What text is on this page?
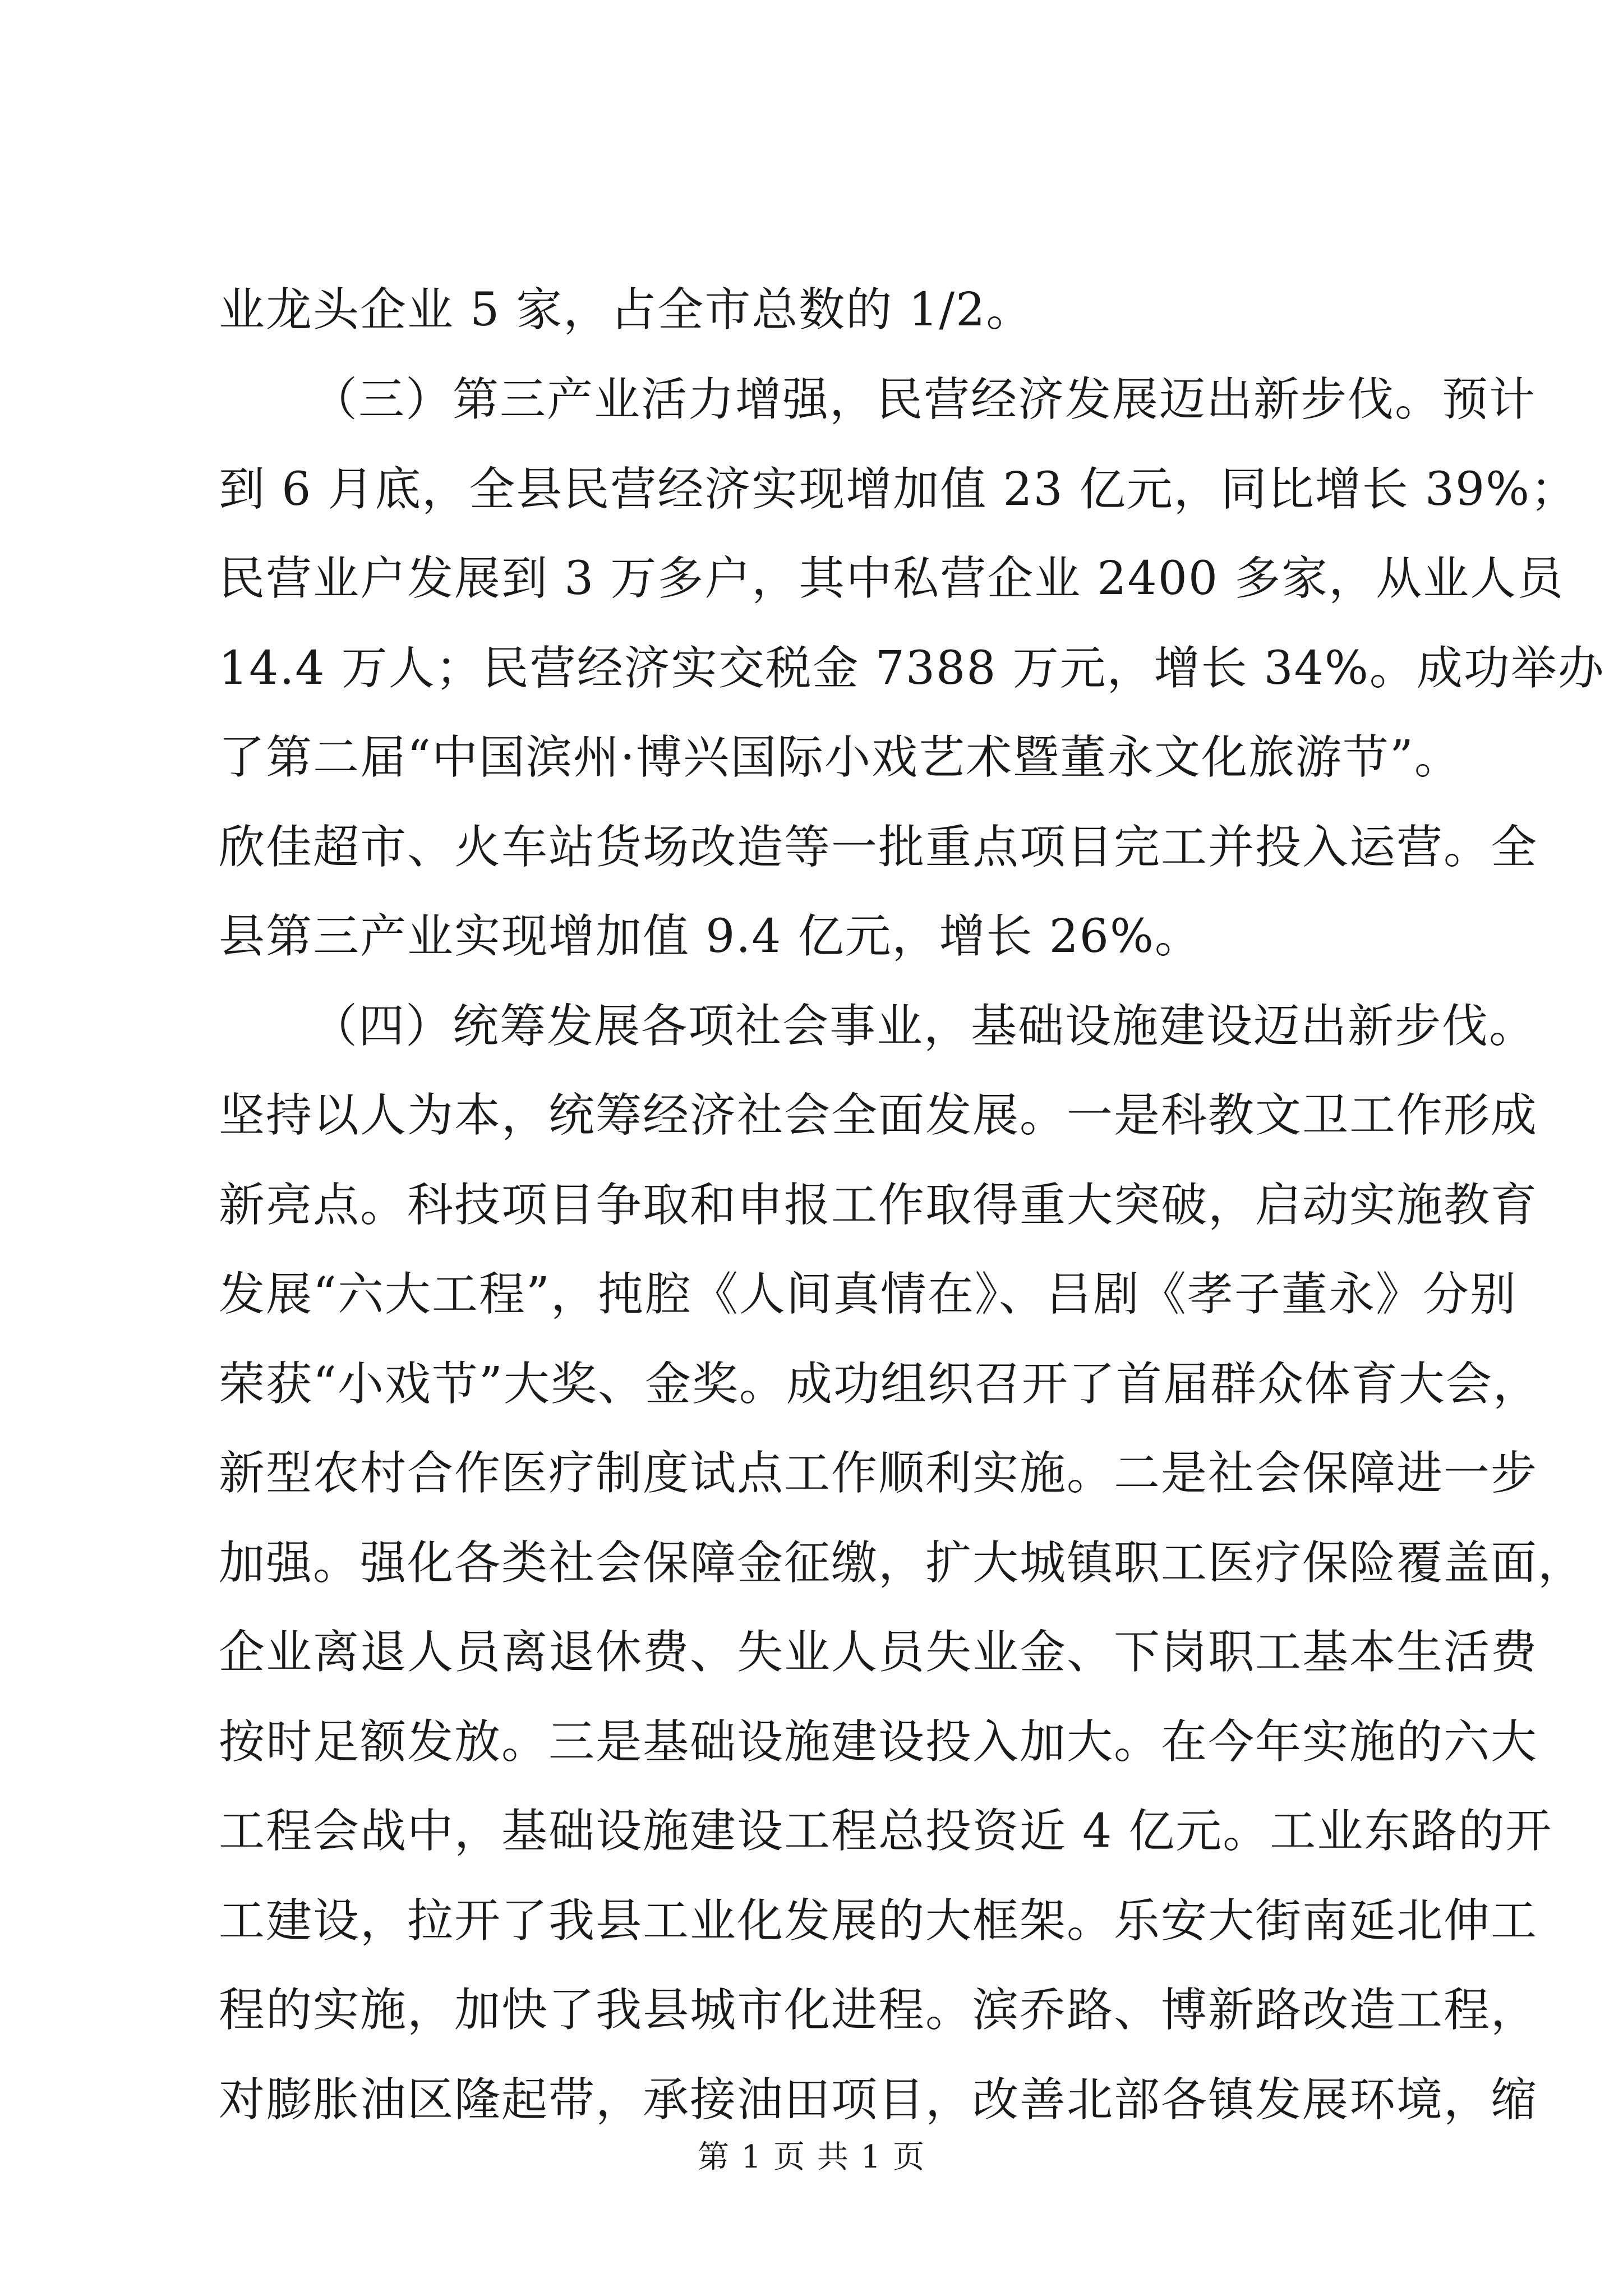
业龙头企业 5 家，占全市总数的 1/2。
（三）第三产业活力增强，民营经济发展迈出新步伐。预计
到 6 月底，全县民营经济实现增加值 23 亿元，同比增长 39%；
民营业户发展到 3 万多户，其中私营企业 2400 多家，从业人员
14.4 万人；民营经济实交税金 7388 万元，增长 34%。成功举办
了第二届“中国滨州·博兴国际小戏艺术暨董永文化旅游节”。
欣佳超市、火车站货场改造等一批重点项目完工并投入运营。全
县第三产业实现增加值 9.4 亿元，增长 26%。
（四）统筹发展各项社会事业，基础设施建设迈出新步伐。
坚持以人为本，统筹经济社会全面发展。一是科教文卫工作形成
新亮点。科技项目争取和申报工作取得重大突破，启动实施教育
发展“六大工程”，扽腔《人间真情在》、吕剧《孝子董永》分别
荣获“小戏节”大奖、金奖。成功组织召开了首届群众体育大会，
新型农村合作医疗制度试点工作顺利实施。二是社会保障进一步
加强。强化各类社会保障金征缴，扩大城镇职工医疗保险覆盖面，
企业离退人员离退休费、失业人员失业金、下岗职工基本生活费
按时足额发放。三是基础设施建设投入加大。在今年实施的六大
工程会战中，基础设施建设工程总投资近 4 亿元。工业东路的开
工建设，拉开了我县工业化发展的大框架。乐安大街南延北伸工
程的实施，加快了我县城市化进程。滨乔路、博新路改造工程，
对膨胀油区隆起带，承接油田项目，改善北部各镇发展环境，缩
第 1 页 共 1 页
